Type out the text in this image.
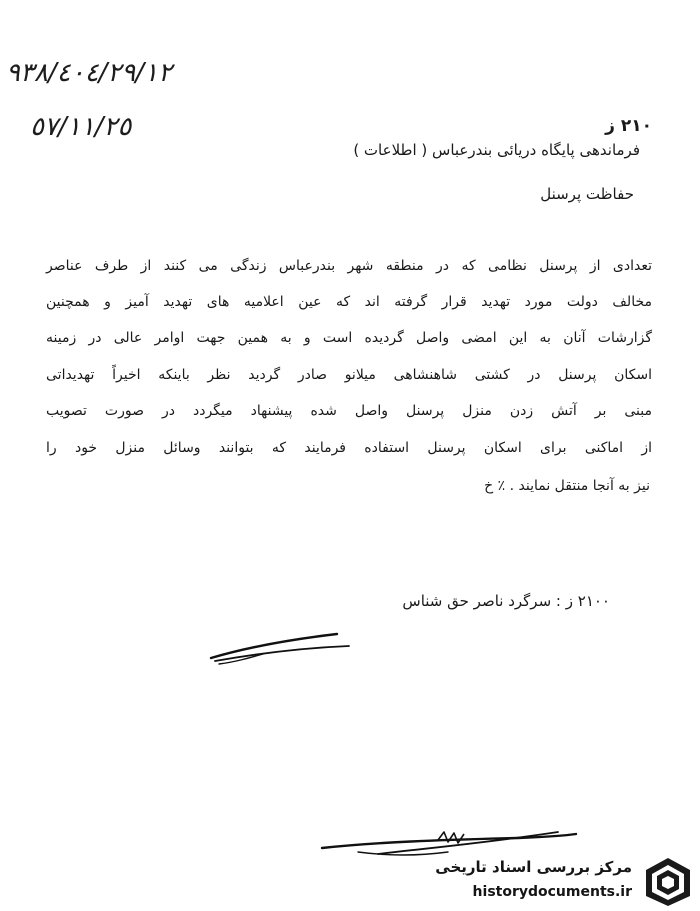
٩٣٨/٤٠٤/٢٩/١٢
٥٧/١١/٢٥	۲۱۰ ز
فرماندهی پایگاه دریائی بندرعباس ( اطلاعات )
حفاظت پرسنل
تعدادی از پرسنل نظامی که در منطقه شهر بندرعباس زندگی می کنند از طرف عناصر
مخالف دولت مورد تهدید قرار گرفته اند که عین اعلامیه های تهدید آمیز و همچنین
گزارشات آنان به این امضی واصل گردیده است و به همین جهت اوامر عالی در زمینه
اسکان پرسنل در کشتی شاهنشاهی میلانو صادر گردید نظر باینکه اخیراً تهدیداتی
مبنی بر آتش زدن منزل پرسنل واصل شده پیشنهاد میگردد در صورت تصویب
از اماکنی برای اسکان پرسنل استفاده فرمایند که بتوانند وسائل منزل خود را
نیز به آنجا منتقل نمایند . ٪ خ
۲۱۰۰ ز : سرگرد ناصر حق شناس
مرکز بررسی اسناد تاریخی
historydocuments.ir
